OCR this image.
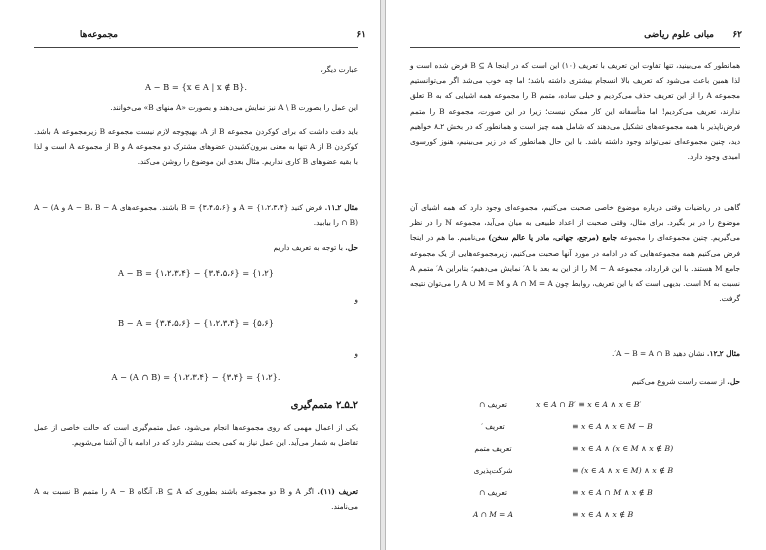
مجموعه‌ها	۶۱
عبارت دیگر،
A − B = {x ∈ A | x ∉ B}.
این عمل را بصورت A \ B نیز نمایش می‌دهند و بصورت «A منهای B» می‌خوانند.
باید دقت داشت که برای کوکردن مجموعه B از A، بهیچوجه لازم نیست مجموعه B زیرمجموعه A باشد. کوکردن B از A تنها به معنی بیرون‌کشیدن عضوهای مشترک دو مجموعه A و B از مجموعه A است و لذا با بقیه عضوهای B کاری نداریم. مثال بعدی این موضوع را روشن می‌کند.
مثال ۲ـ۱۱. فرض کنید {۱،۲،۳،۴} = A و {۳،۴،۵،۶} = B باشند. مجموعه‌های A − B، B − A و A − (A ∩ B) را بیابید.
حل. با توجه به تعریف داریم
A − B = {۱،۲،۳،۴} − {۳،۴،۵،۶} = {۱،۲}
و
B − A = {۳،۴،۵،۶} − {۱،۲،۳،۴} = {۵،۶}
و
A − (A ∩ B) = {۱،۲،۳،۴} − {۳،۴} = {۱،۲}.
۲ـ۵ـ۲ متمم‌گیری
یکی از اعمال مهمی که روی مجموعه‌ها انجام می‌شود، عمل متمم‌گیری است که حالت خاصی از عمل تفاضل به شمار می‌آید. این عمل نیاز به کمی بحث بیشتر دارد که در ادامه با آن آشنا می‌شویم.
تعریف (۱۱). اگر A و B دو مجموعه باشند بطوری که B ⊆ A، آنگاه A − B را متمم B نسبت به A می‌نامند.
۶۲
مبانی علوم ریاضی
همانطور که می‌بینید، تنها تفاوت این تعریف با تعریف (۱۰) این است که در اینجا B ⊆ A فرض شده است و لذا همین باعث می‌شود که تعریف بالا انسجام بیشتری داشته باشد؛ اما چه خوب می‌شد اگر می‌توانستیم مجموعه A را از این تعریف حذف می‌کردیم و خیلی ساده، متمم B را مجموعه همه اشیایی که به B تعلق ندارند، تعریف می‌کردیم! اما متأسفانه این کار ممکن نیست؛ زیرا در این صورت، مجموعه B را متمم فرض‌ناپذیر با همه مجموعه‌های تشکیل می‌دهند که شامل همه چیز است و همانطور که در بخش ۲ـ۸ خواهیم دید، چنین مجموعه‌ای نمی‌تواند وجود داشته باشد. با این حال همانطور که در زیر می‌بینیم، هنوز کورسوی امیدی وجود دارد.
گاهی در ریاضیات وقتی درباره موضوع خاصی صحبت می‌کنیم، مجموعه‌ای وجود دارد که همه اشیای آن موضوع را در بر بگیرد. برای مثال، وقتی صحبت از اعداد طبیعی به میان می‌آید، مجموعه ℕ را در نظر می‌گیریم. چنین مجموعه‌ای را مجموعه جامع (مرجع، جهانی، مادر یا عالم سخن) می‌نامیم. ما هم در اینجا فرض می‌کنیم همه مجموعه‌هایی که در ادامه در مورد آنها صحبت می‌کنیم، زیرمجموعه‌هایی از یک مجموعه جامع M هستند. با این قرارداد، مجموعه M − A را از این به بعد با A′ نمایش می‌دهیم؛ بنابراین A′ متمم A نسبت به M است. بدیهی است که با این تعریف، روابط چون A ∩ M = A و A ∪ M = M را می‌توان نتیجه گرفت.
مثال ۲ـ۱۲. نشان دهید A − B = A ∩ B′.
حل. از سمت راست شروع می‌کنیم
تعریف ∩	x ∈ A ∩ B′ ≡ x ∈ A ∧ x ∈ B′
تعریف ′	≡ x ∈ A ∧ x ∈ M − B
تعریف متمم	≡ x ∈ A ∧ (x ∈ M ∧ x ∉ B)
شرکت‌پذیری	≡ (x ∈ A ∧ x ∈ M) ∧ x ∉ B
تعریف ∩	≡ x ∈ A ∩ M ∧ x ∉ B
A ∩ M = A	≡ x ∈ A ∧ x ∉ B
